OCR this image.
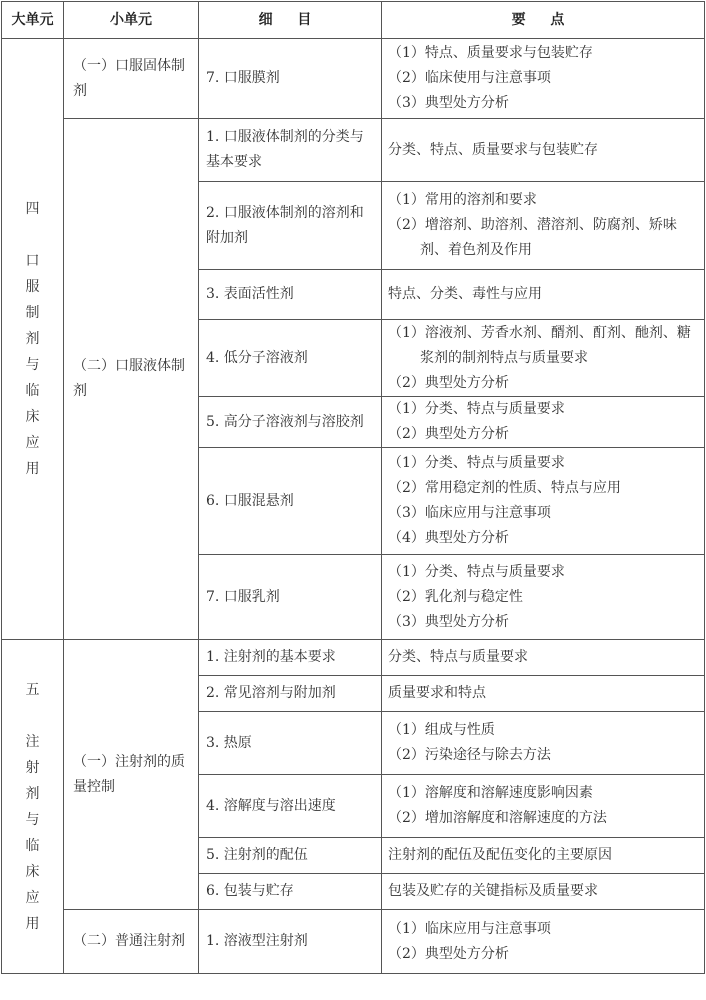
大单元	小单元	细 目	要 点

四
口服制剂与临床应用	（一）口服固体制剂	7. 口服膜剂	（1）特点、质量要求与包装贮存
（2）临床使用与注意事项
（3）典型处方分析

	（二）口服液体制剂	1. 口服液体制剂的分类与基本要求	分类、特点、质量要求与包装贮存

		2. 口服液体制剂的溶剂和附加剂	（1）常用的溶剂和要求
（2）增溶剂、助溶剂、潜溶剂、防腐剂、矫味剂、着色剂及作用

		3. 表面活性剂	特点、分类、毒性与应用

		4. 低分子溶液剂	（1）溶液剂、芳香水剂、醑剂、酊剂、酏剂、糖浆剂的制剂特点与质量要求
（2）典型处方分析

		5. 高分子溶液剂与溶胶剂	（1）分类、特点与质量要求
（2）典型处方分析

		6. 口服混悬剂	（1）分类、特点与质量要求
（2）常用稳定剂的性质、特点与应用
（3）临床应用与注意事项
（4）典型处方分析

		7. 口服乳剂	（1）分类、特点与质量要求
（2）乳化剂与稳定性
（3）典型处方分析

五
注射剂与临床应用	（一）注射剂的质量控制	1. 注射剂的基本要求	分类、特点与质量要求

		2. 常见溶剂与附加剂	质量要求和特点

		3. 热原	（1）组成与性质
（2）污染途径与除去方法

		4. 溶解度与溶出速度	（1）溶解度和溶解速度影响因素
（2）增加溶解度和溶解速度的方法

		5. 注射剂的配伍	注射剂的配伍及配伍变化的主要原因

		6. 包装与贮存	包装及贮存的关键指标及质量要求

	（二）普通注射剂	1. 溶液型注射剂	（1）临床应用与注意事项
（2）典型处方分析
